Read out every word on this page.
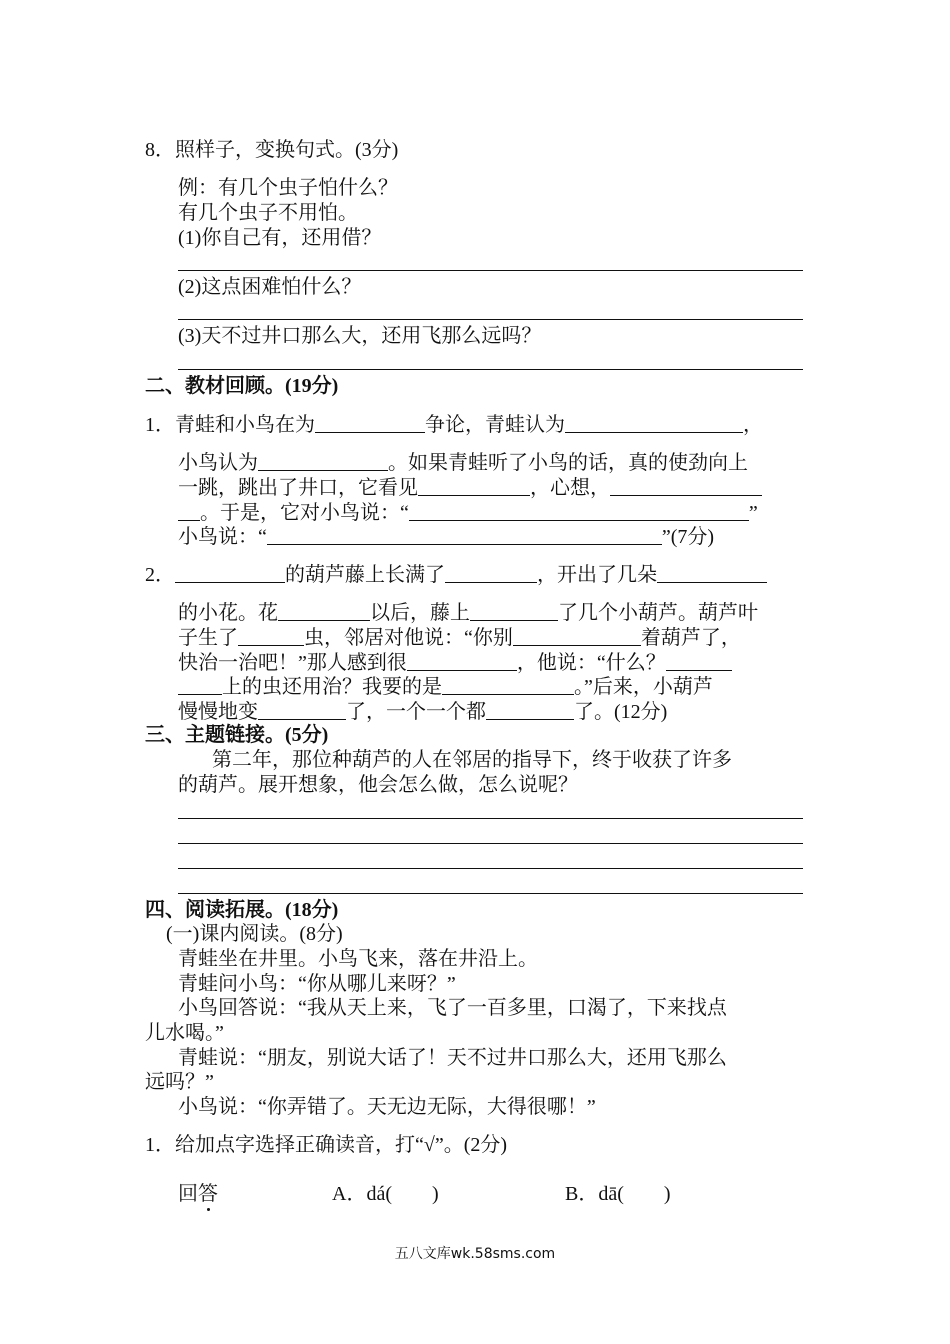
8．照样子，变换句式。(3分)
例：有几个虫子怕什么？
有几个虫子不用怕。
(1)你自己有，还用借？
(2)这点困难怕什么？
(3)天不过井口那么大，还用飞那么远吗？
二、教材回顾。(19分)
1．青蛙和小鸟在为	争论，青蛙认为	，
小鸟认为	。如果青蛙听了小鸟的话，真的使劲向上
一跳，跳出了井口，它看见	，心想，
。于是，它对小鸟说：“	”
小鸟说：“	”(7分)
2．	的葫芦藤上长满了	，开出了几朵
的小花。花	以后，藤上	了几个小葫芦。葫芦叶
子生了	虫，邻居对他说：“你别	着葫芦了，
快治一治吧！”那人感到很	，他说：“什么？
上的虫还用治？我要的是	。”后来，小葫芦
慢慢地变	了，一个一个都	了。(12分)
三、主题链接。(5分)
第二年，那位种葫芦的人在邻居的指导下，终于收获了许多
的葫芦。展开想象，他会怎么做，怎么说呢？
四、阅读拓展。(18分)
(一)课内阅读。(8分)
青蛙坐在井里。小鸟飞来，落在井沿上。
青蛙问小鸟：“你从哪儿来呀？”
小鸟回答说：“我从天上来，飞了一百多里，口渴了，下来找点
儿水喝。”
青蛙说：“朋友，别说大话了！天不过井口那么大，还用飞那么
远吗？”
小鸟说：“你弄错了。天无边无际，大得很哪！”
1．给加点字选择正确读音，打“√”。(2分)
回答	A．dá(　　)	B．dā(　　)
五八文库wk.58sms.com
